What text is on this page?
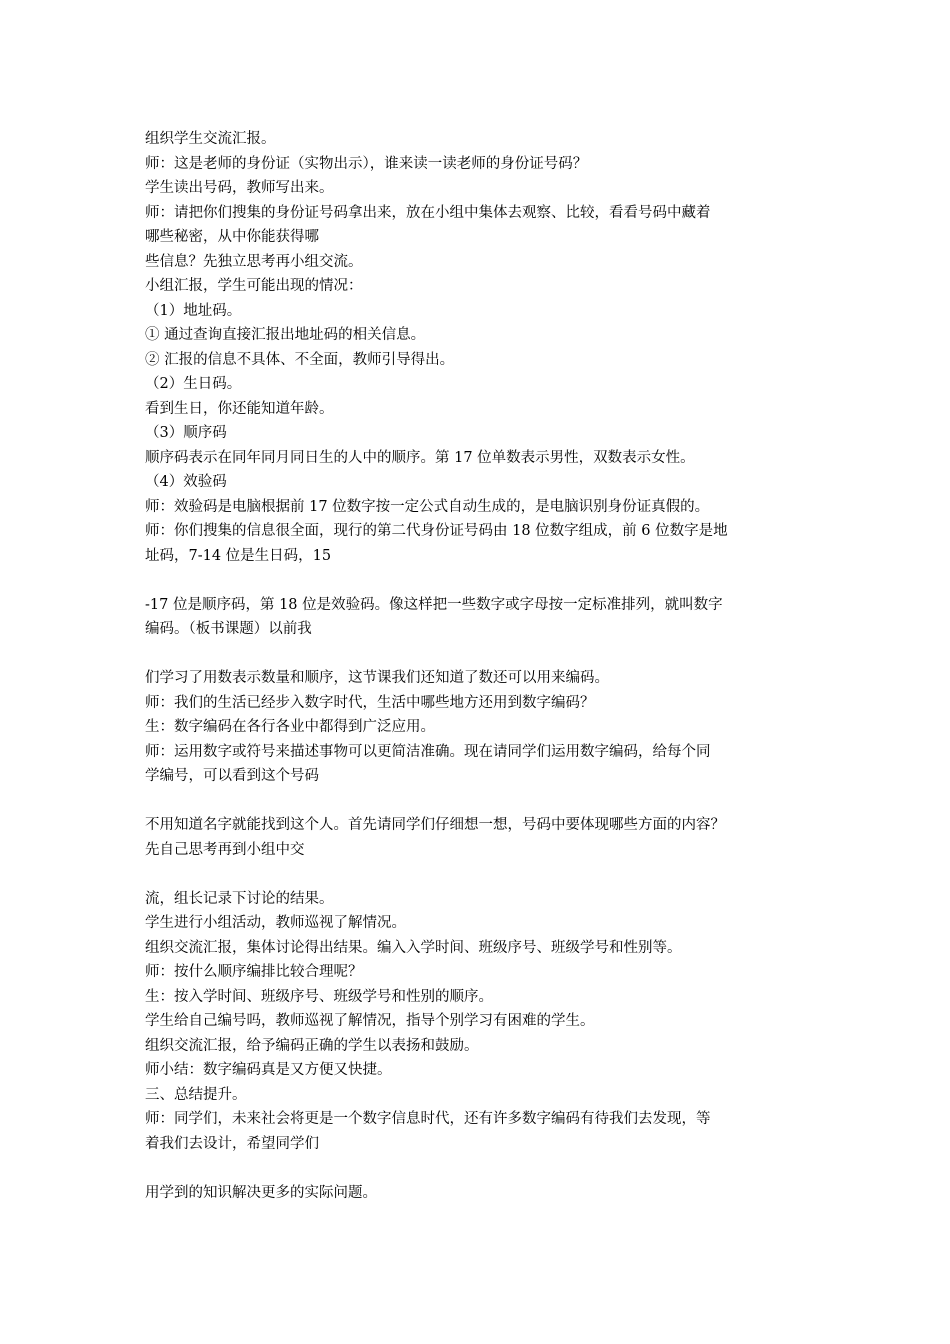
组织学生交流汇报。

师：这是老师的身份证（实物出示），谁来读一读老师的身份证号码？

学生读出号码，教师写出来。

师：请把你们搜集的身份证号码拿出来，放在小组中集体去观察、比较，看看号码中藏着

哪些秘密，从中你能获得哪

些信息？先独立思考再小组交流。

小组汇报，学生可能出现的情况：

（1）地址码。

① 通过查询直接汇报出地址码的相关信息。

② 汇报的信息不具体、不全面，教师引导得出。

（2）生日码。

看到生日，你还能知道年龄。

（3）顺序码

顺序码表示在同年同月同日生的人中的顺序。第 17 位单数表示男性，双数表示女性。

（4）效验码

师：效验码是电脑根据前 17 位数字按一定公式自动生成的，是电脑识别身份证真假的。

师：你们搜集的信息很全面，现行的第二代身份证号码由 18 位数字组成，前 6 位数字是地

址码，7-14 位是生日码，15

-17 位是顺序码，第 18 位是效验码。像这样把一些数字或字母按一定标准排列，就叫数字

编码。（板书课题）以前我

们学习了用数表示数量和顺序，这节课我们还知道了数还可以用来编码。

师：我们的生活已经步入数字时代，生活中哪些地方还用到数字编码？

生：数字编码在各行各业中都得到广泛应用。

师：运用数字或符号来描述事物可以更简洁准确。现在请同学们运用数字编码，给每个同

学编号，可以看到这个号码

不用知道名字就能找到这个人。首先请同学们仔细想一想，号码中要体现哪些方面的内容？

先自己思考再到小组中交

流，组长记录下讨论的结果。

学生进行小组活动，教师巡视了解情况。

组织交流汇报，集体讨论得出结果。编入入学时间、班级序号、班级学号和性别等。

师：按什么顺序编排比较合理呢？

生：按入学时间、班级序号、班级学号和性别的顺序。

学生给自己编号吗，教师巡视了解情况，指导个别学习有困难的学生。

组织交流汇报，给予编码正确的学生以表扬和鼓励。

师小结：数字编码真是又方便又快捷。

三、总结提升。

师：同学们，未来社会将更是一个数字信息时代，还有许多数字编码有待我们去发现，等

着我们去设计，希望同学们

用学到的知识解决更多的实际问题。
